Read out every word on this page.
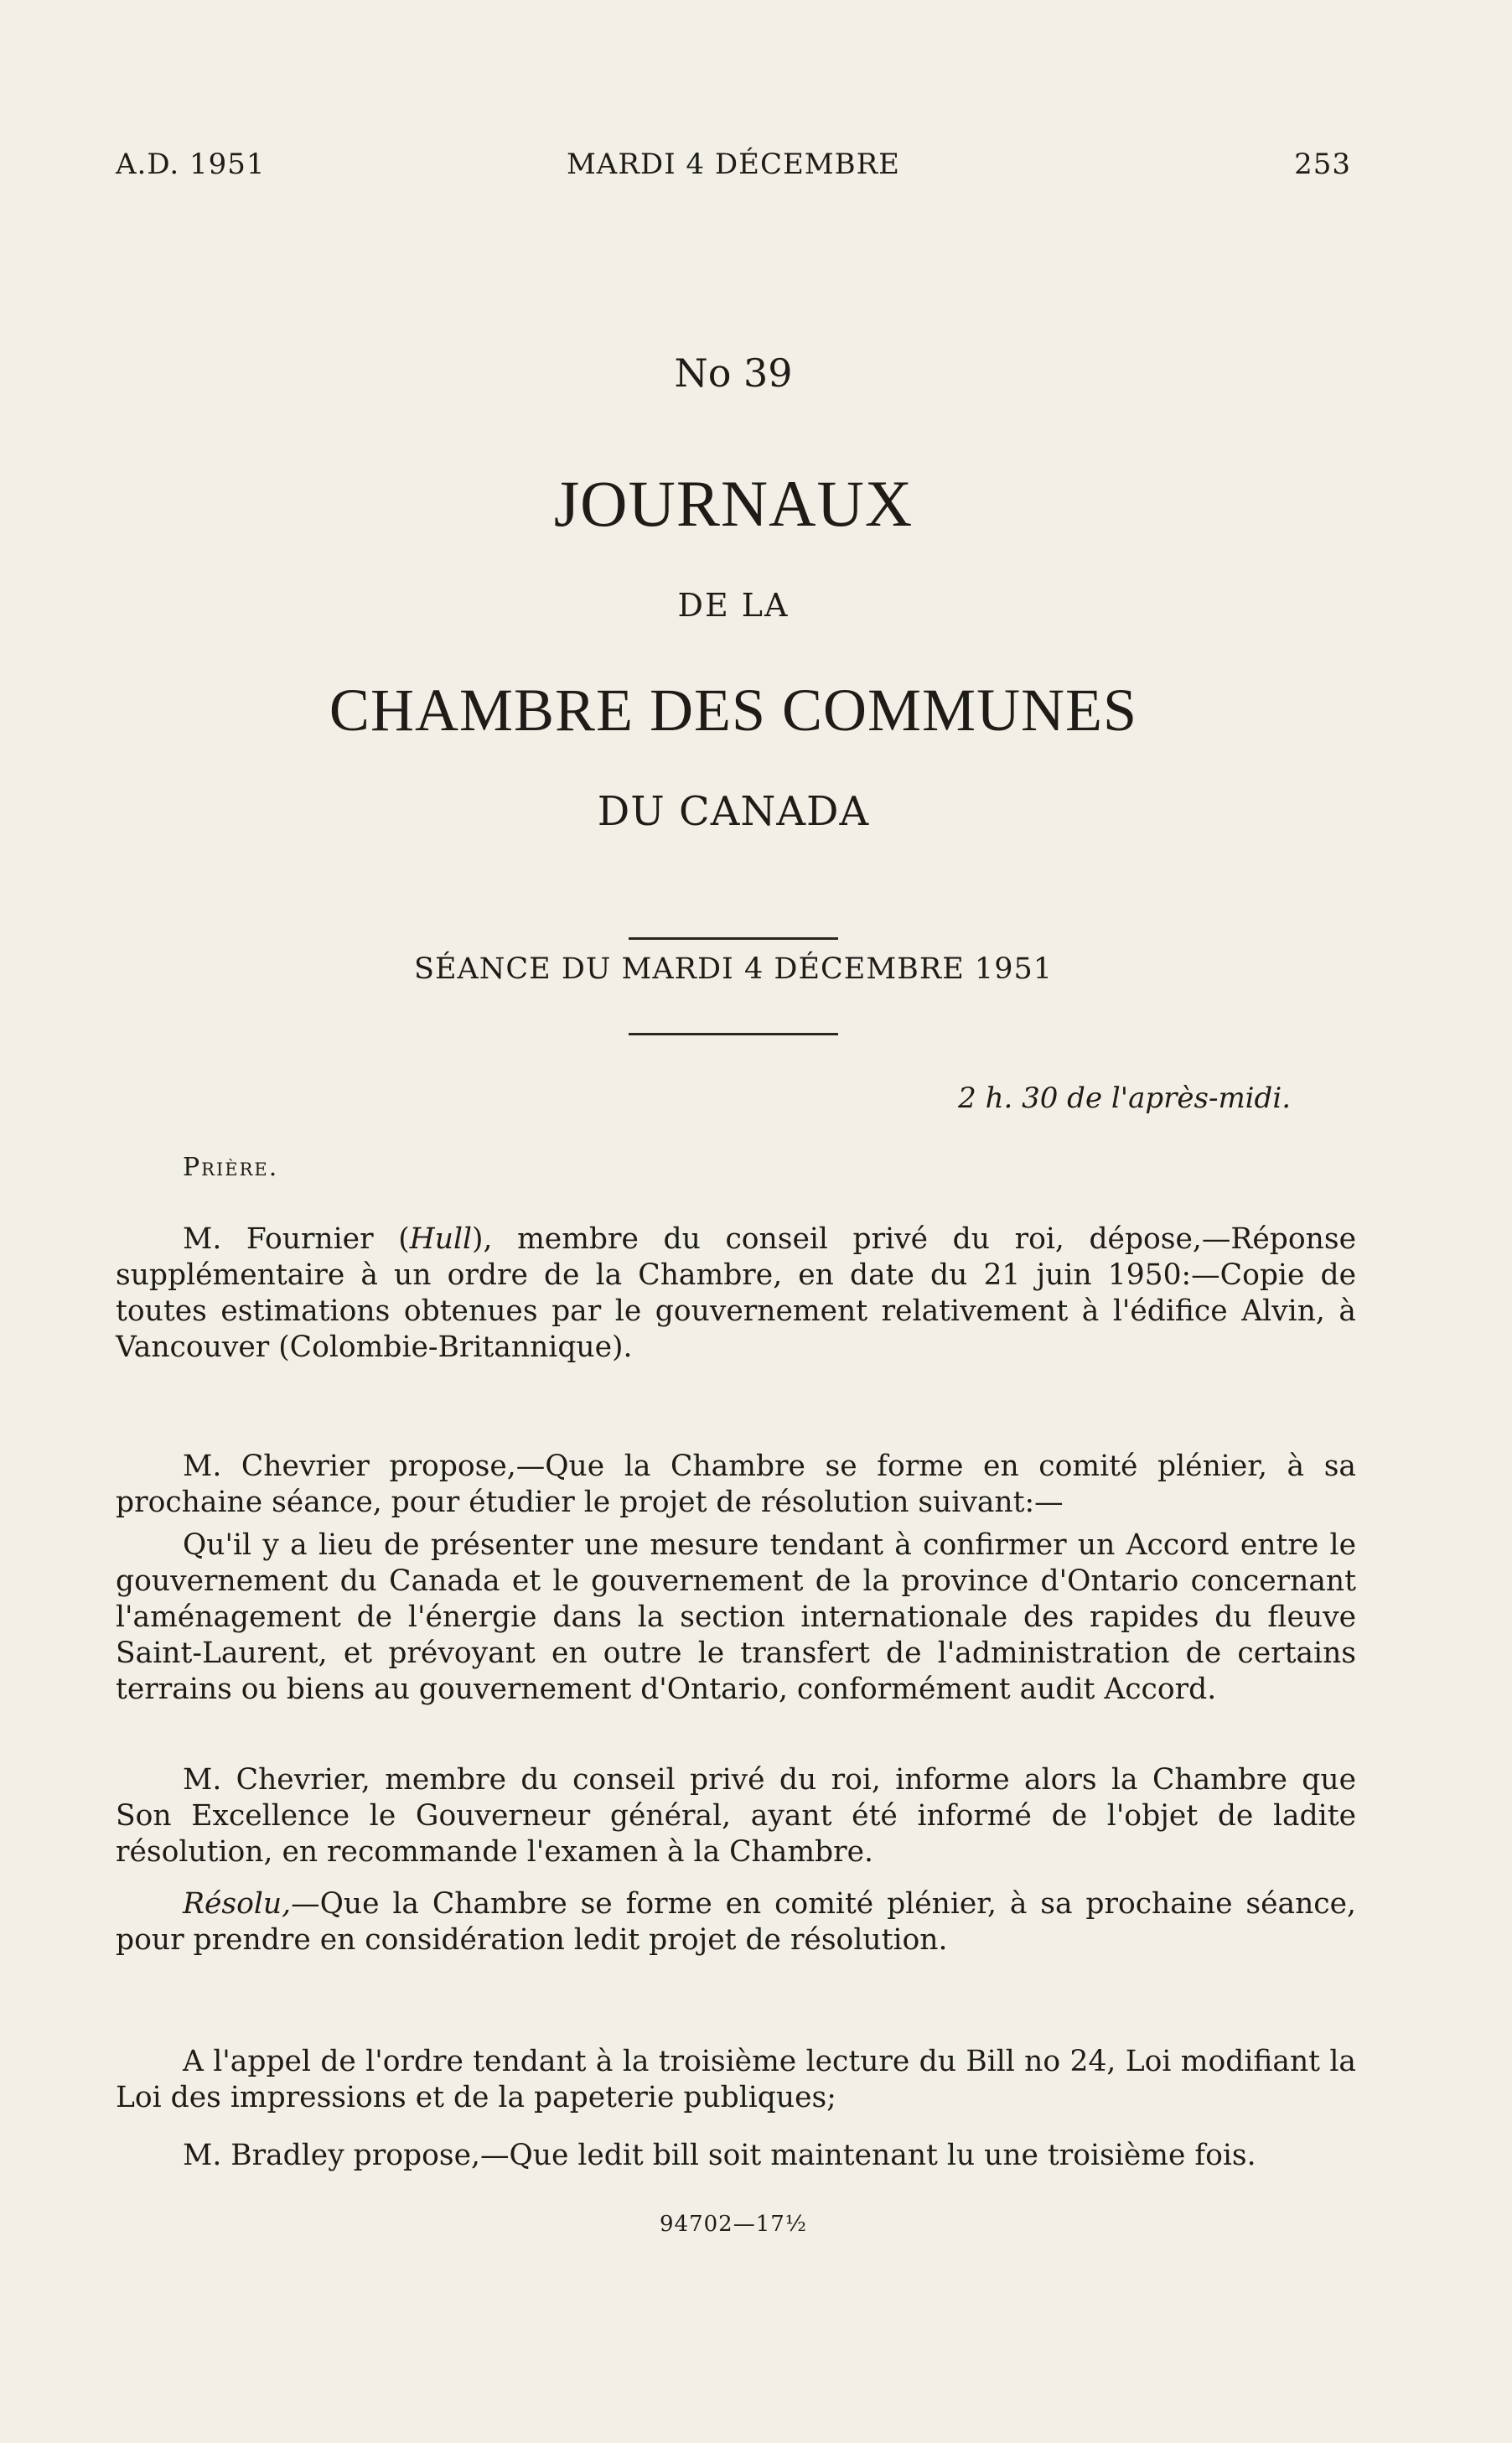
A.D. 1951	MARDI 4 DÉCEMBRE	253
No 39
JOURNAUX
DE LA
CHAMBRE DES COMMUNES
DU CANADA
SÉANCE DU MARDI 4 DÉCEMBRE 1951
2 h. 30 de l'après-midi.
Prière.
M. Fournier (Hull), membre du conseil privé du roi, dépose,—Réponse supplémentaire à un ordre de la Chambre, en date du 21 juin 1950:—Copie de toutes estimations obtenues par le gouvernement relativement à l'édifice Alvin, à Vancouver (Colombie-Britannique).
M. Chevrier propose,—Que la Chambre se forme en comité plénier, à sa prochaine séance, pour étudier le projet de résolution suivant:—
Qu'il y a lieu de présenter une mesure tendant à confirmer un Accord entre le gouvernement du Canada et le gouvernement de la province d'Ontario concernant l'aménagement de l'énergie dans la section internationale des rapides du fleuve Saint-Laurent, et prévoyant en outre le transfert de l'administration de certains terrains ou biens au gouvernement d'Ontario, conformément audit Accord.
M. Chevrier, membre du conseil privé du roi, informe alors la Chambre que Son Excellence le Gouverneur général, ayant été informé de l'objet de ladite résolution, en recommande l'examen à la Chambre.
Résolu,—Que la Chambre se forme en comité plénier, à sa prochaine séance, pour prendre en considération ledit projet de résolution.
A l'appel de l'ordre tendant à la troisième lecture du Bill no 24, Loi modifiant la Loi des impressions et de la papeterie publiques;
M. Bradley propose,—Que ledit bill soit maintenant lu une troisième fois.
94702—17½
